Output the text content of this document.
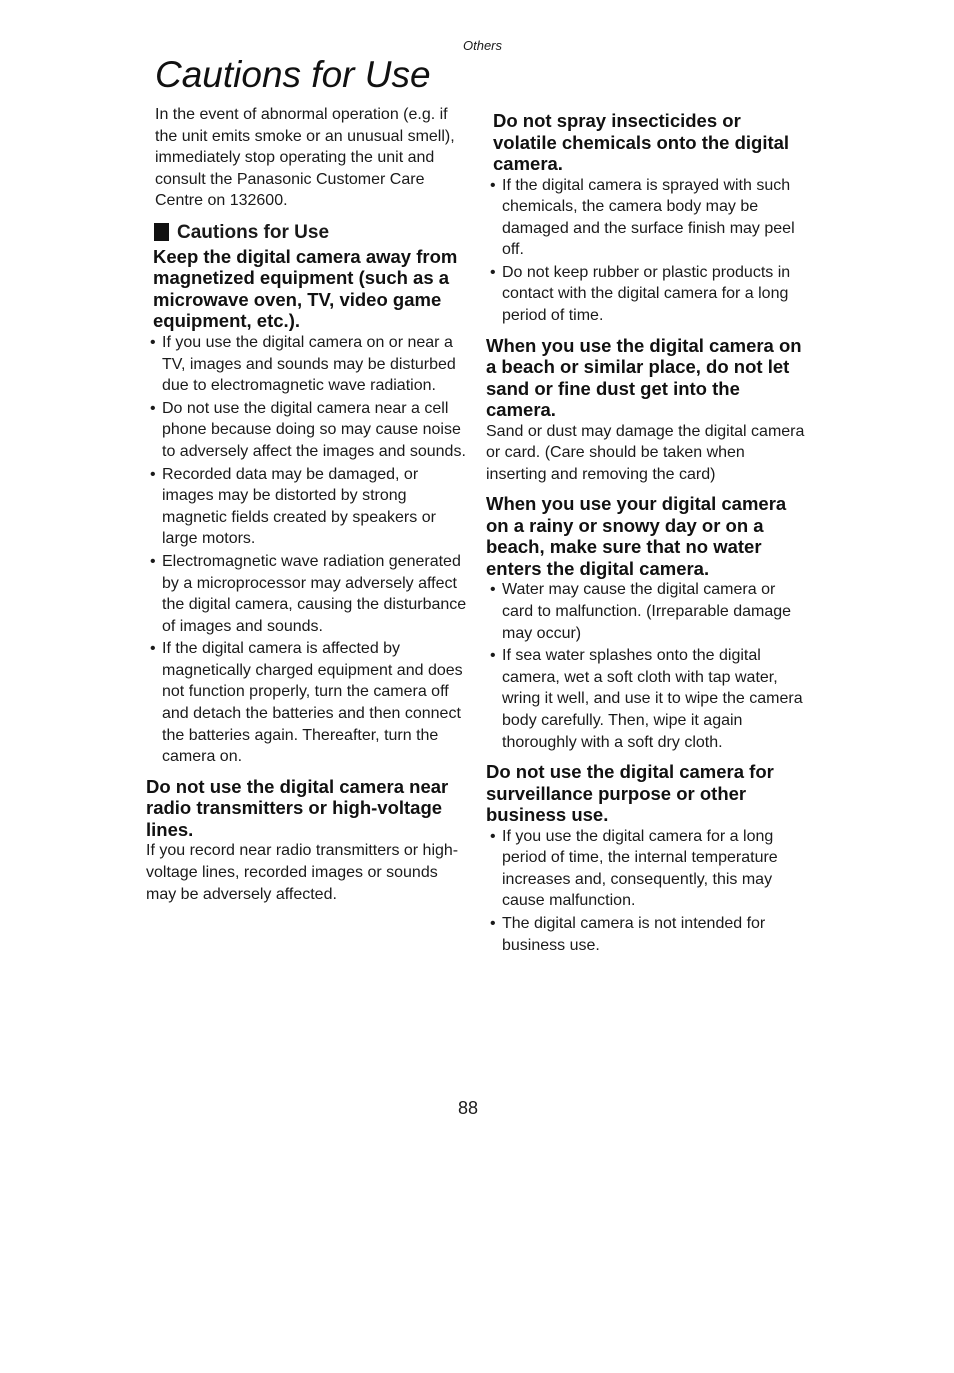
Others
Cautions for Use

In the event of abnormal operation (e.g. if the unit emits smoke or an unusual smell), immediately stop operating the unit and consult the Panasonic Customer Care Centre on 132600.

Cautions for Use
Keep the digital camera away from magnetized equipment (such as a microwave oven, TV, video game equipment, etc.).
• If you use the digital camera on or near a TV, images and sounds may be disturbed due to electromagnetic wave radiation.
• Do not use the digital camera near a cell phone because doing so may cause noise to adversely affect the images and sounds.
• Recorded data may be damaged, or images may be distorted by strong magnetic fields created by speakers or large motors.
• Electromagnetic wave radiation generated by a microprocessor may adversely affect the digital camera, causing the disturbance of images and sounds.
• If the digital camera is affected by magnetically charged equipment and does not function properly, turn the camera off and detach the batteries and then connect the batteries again. Thereafter, turn the camera on.
Do not use the digital camera near radio transmitters or high-voltage lines.

If you record near radio transmitters or high-voltage lines, recorded images or sounds may be adversely affected.

Do not spray insecticides or volatile chemicals onto the digital camera.
• If the digital camera is sprayed with such chemicals, the camera body may be damaged and the surface finish may peel off.
• Do not keep rubber or plastic products in contact with the digital camera for a long period of time.
When you use the digital camera on a beach or similar place, do not let sand or fine dust get into the camera.

Sand or dust may damage the digital camera or card. (Care should be taken when inserting and removing the card)

When you use your digital camera on a rainy or snowy day or on a beach, make sure that no water enters the digital camera.
• Water may cause the digital camera or card to malfunction. (Irreparable damage may occur)
• If sea water splashes onto the digital camera, wet a soft cloth with tap water, wring it well, and use it to wipe the camera body carefully. Then, wipe it again thoroughly with a soft dry cloth.
Do not use the digital camera for surveillance purpose or other business use.
• If you use the digital camera for a long period of time, the internal temperature increases and, consequently, this may cause malfunction.
• The digital camera is not intended for business use.
88
